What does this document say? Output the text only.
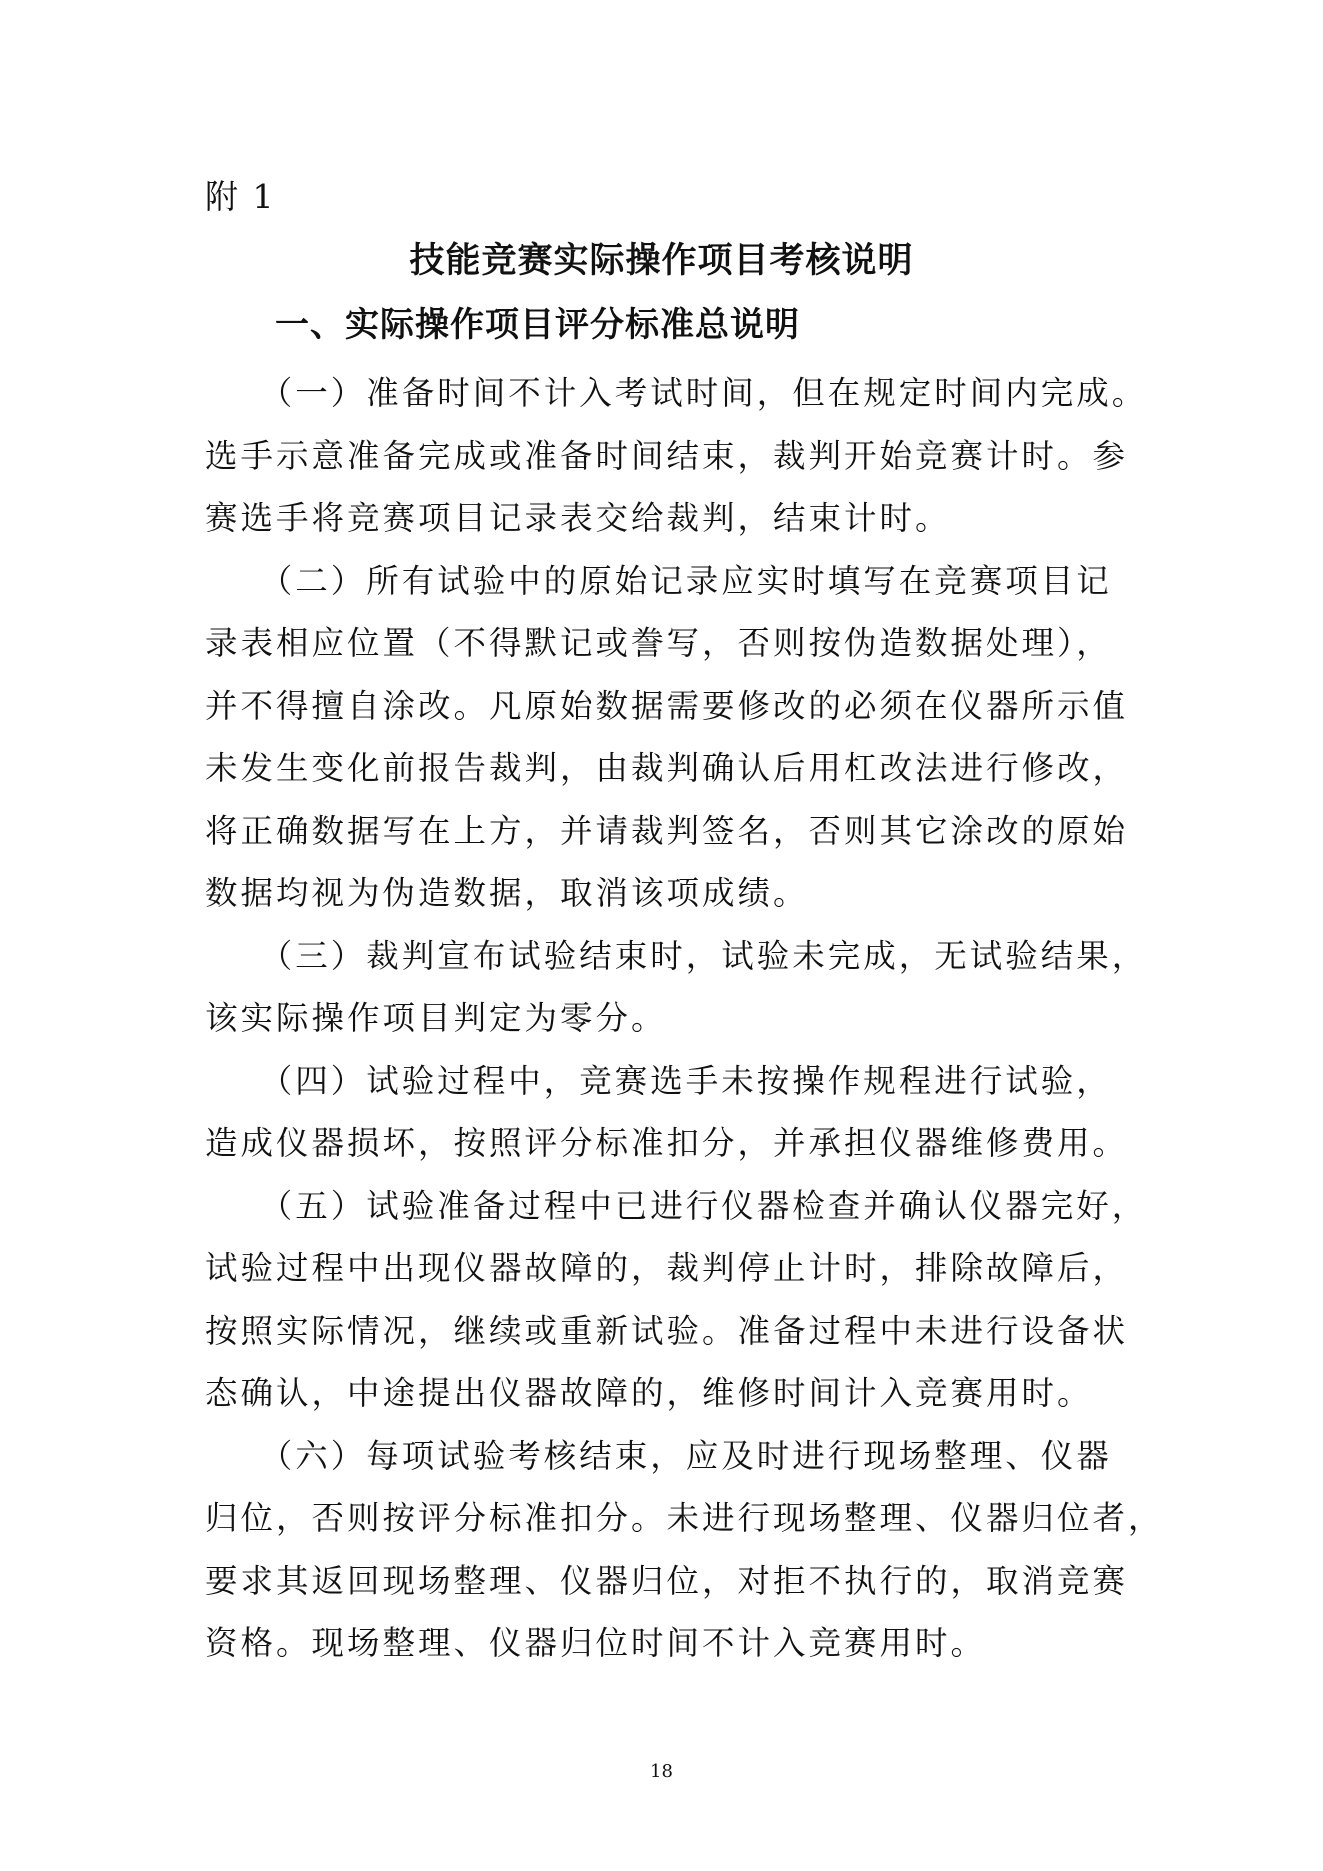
附 1
技能竞赛实际操作项目考核说明
一、实际操作项目评分标准总说明
　　（一）准备时间不计入考试时间，但在规定时间内完成。
选手示意准备完成或准备时间结束，裁判开始竞赛计时。参
赛选手将竞赛项目记录表交给裁判，结束计时。
　　（二）所有试验中的原始记录应实时填写在竞赛项目记
录表相应位置（不得默记或誊写，否则按伪造数据处理），
并不得擅自涂改。凡原始数据需要修改的必须在仪器所示值
未发生变化前报告裁判，由裁判确认后用杠改法进行修改，
将正确数据写在上方，并请裁判签名，否则其它涂改的原始
数据均视为伪造数据，取消该项成绩。
　　（三）裁判宣布试验结束时，试验未完成，无试验结果，
该实际操作项目判定为零分。
　　（四）试验过程中，竞赛选手未按操作规程进行试验，
造成仪器损坏，按照评分标准扣分，并承担仪器维修费用。
　　（五）试验准备过程中已进行仪器检查并确认仪器完好，
试验过程中出现仪器故障的，裁判停止计时，排除故障后，
按照实际情况，继续或重新试验。准备过程中未进行设备状
态确认，中途提出仪器故障的，维修时间计入竞赛用时。
　　（六）每项试验考核结束，应及时进行现场整理、仪器
归位，否则按评分标准扣分。未进行现场整理、仪器归位者，
要求其返回现场整理、仪器归位，对拒不执行的，取消竞赛
资格。现场整理、仪器归位时间不计入竞赛用时。
18
